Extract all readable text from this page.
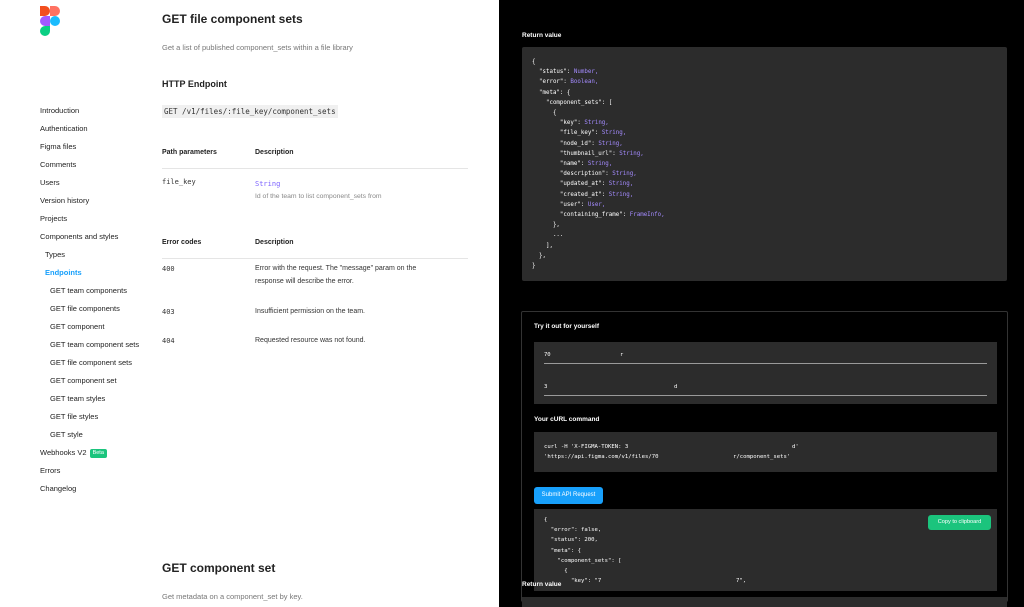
Introduction
Authentication
Figma files
Comments
Users
Version history
Projects
Components and styles
Types
Endpoints
GET team components
GET file components
GET component
GET team component sets
GET file component sets
GET component set
GET team styles
GET file styles
GET style
Webhooks V2 Beta
Errors
Changelog
GET file component sets
Get a list of published component_sets within a file library
HTTP Endpoint
GET /v1/files/:file_key/component_sets
Path parameters	Description
file_key	String
Id of the team to list component_sets from
Error codes	Description
400	Error with the request. The "message" param on the response will describe the error.
403	Insufficient permission on the team.
404	Requested resource was not found.
GET component set
Get metadata on a component_set by key.
Return value
{
"status": Number,
"error": Boolean,
"meta": {
"component_sets": [
{
"key": String,
"file_key": String,
"node_id": String,
"thumbnail_url": String,
"name": String,
"description": String,
"updated_at": String,
"created_at": String,
"user": User,
"containing_frame": FrameInfo,
},
...
],
},
}
Try it out for yourself
70	r
3	d
Your cURL command
curl -H 'X-FIGMA-TOKEN: 3	d'
'https://api.figma.com/v1/files/70	r/component_sets'
Submit API Request
{
"error": false,
"status": 200,
"meta": {
"component_sets": [
{
"key": "7                                        7",
Copy to clipboard
Return value
